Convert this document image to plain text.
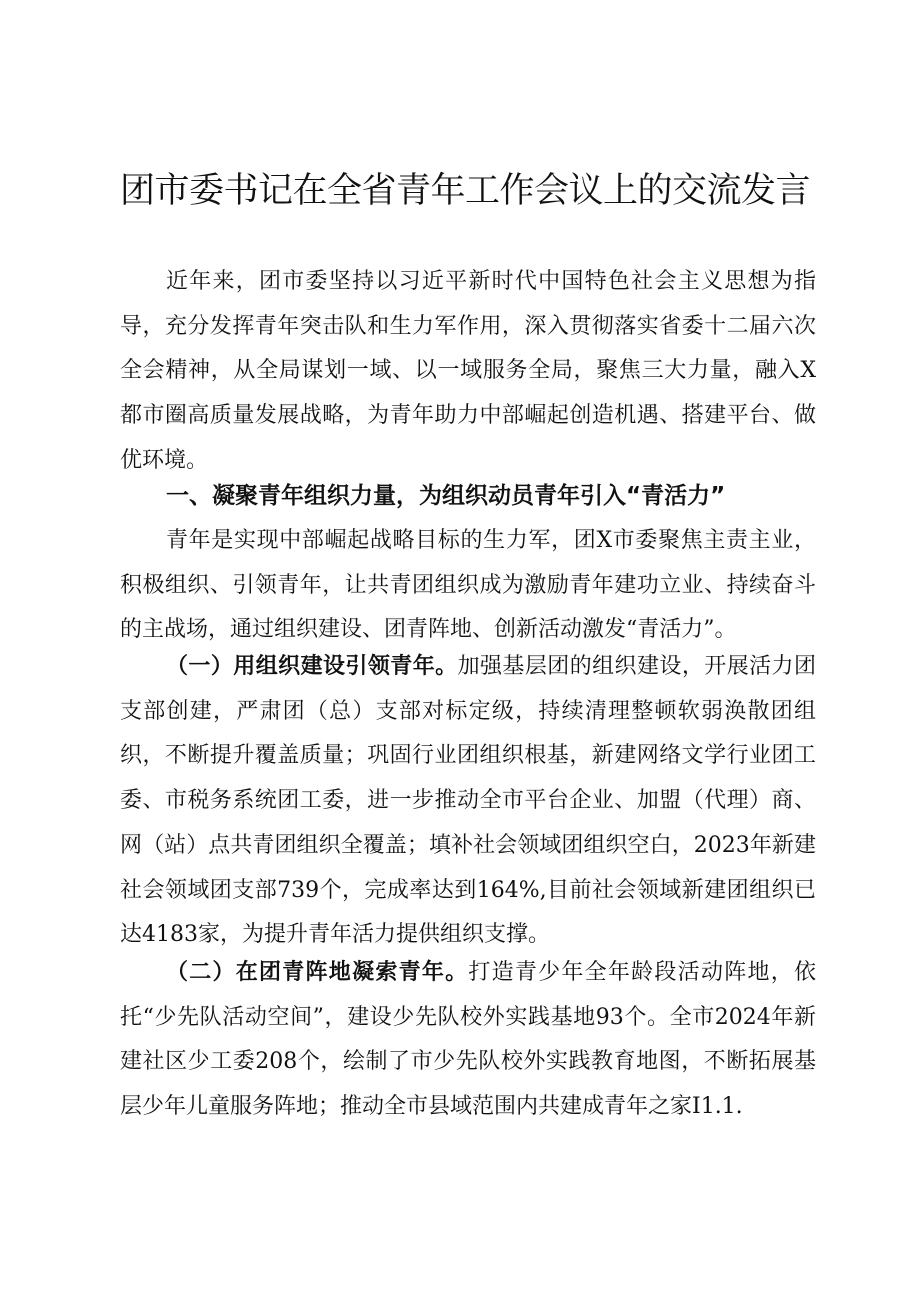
团市委书记在全省青年工作会议上的交流发言

近年来，团市委坚持以习近平新时代中国特色社会主义思想为指导，充分发挥青年突击队和生力军作用，深入贯彻落实省委十二届六次全会精神，从全局谋划一域、以一域服务全局，聚焦三大力量，融入X都市圈高质量发展战略，为青年助力中部崛起创造机遇、搭建平台、做优环境。

一、凝聚青年组织力量，为组织动员青年引入“青活力”

青年是实现中部崛起战略目标的生力军，团X市委聚焦主责主业，积极组织、引领青年，让共青团组织成为激励青年建功立业、持续奋斗的主战场，通过组织建设、团青阵地、创新活动激发“青活力”。

（一）用组织建设引领青年。加强基层团的组织建设，开展活力团支部创建，严肃团（总）支部对标定级，持续清理整顿软弱涣散团组织，不断提升覆盖质量；巩固行业团组织根基，新建网络文学行业团工委、市税务系统团工委，进一步推动全市平台企业、加盟（代理）商、网（站）点共青团组织全覆盖；填补社会领域团组织空白，2023年新建社会领域团支部739个，完成率达到164%,目前社会领域新建团组织已达4183家，为提升青年活力提供组织支撑。

（二）在团青阵地凝索青年。打造青少年全年龄段活动阵地，依托“少先队活动空间”，建设少先队校外实践基地93个。全市2024年新建社区少工委208个，绘制了市少先队校外实践教育地图，不断拓展基层少年儿童服务阵地；推动全市县域范围内共建成青年之家I1.1.
